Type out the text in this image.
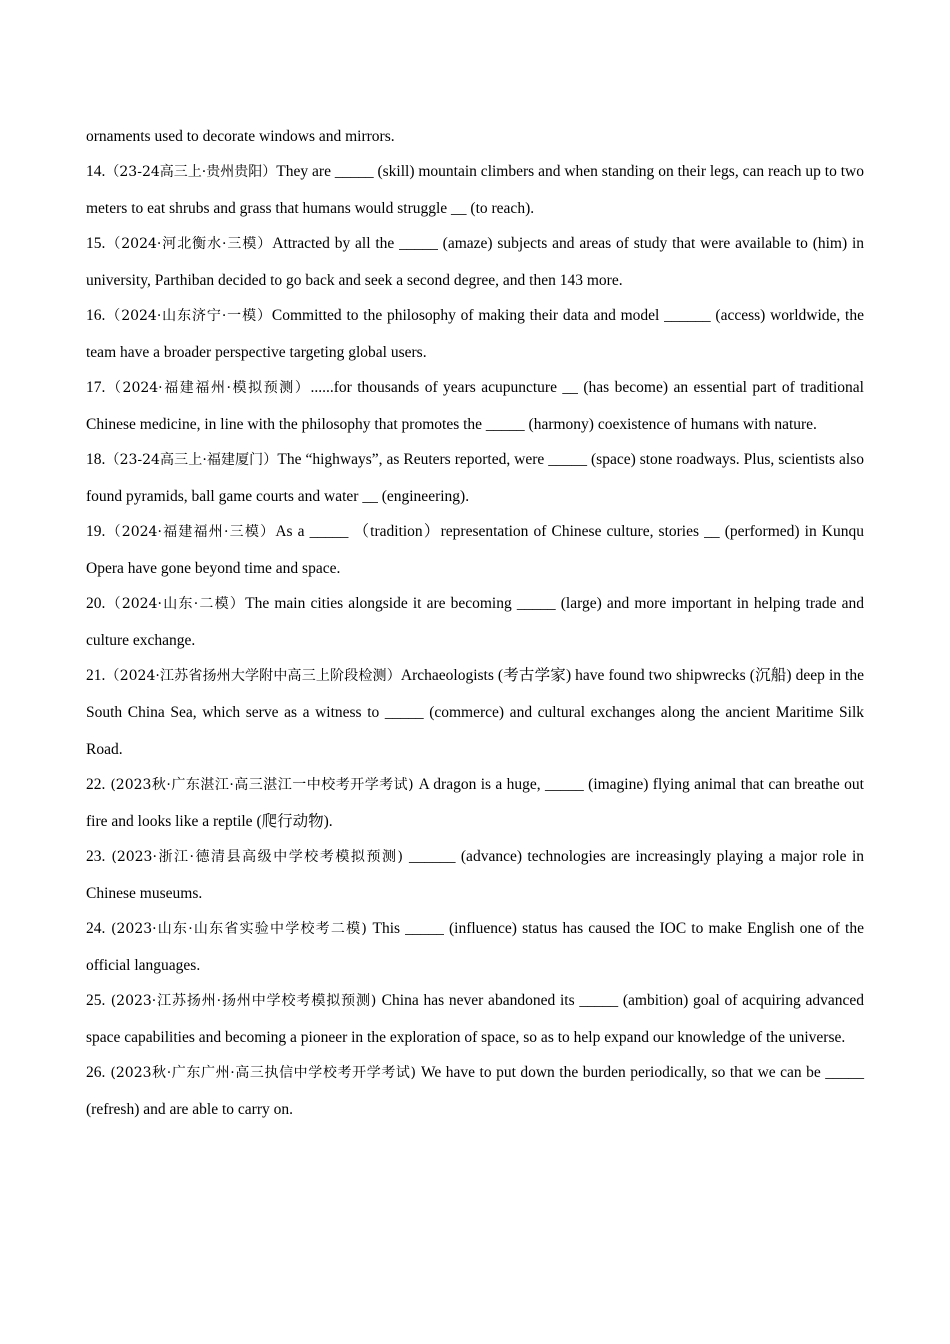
ornaments used to decorate windows and mirrors.

14.（23-24高三上·贵州贵阳）They are _____ (skill) mountain climbers and when standing on their legs, can reach up to two meters to eat shrubs and grass that humans would struggle __ (to reach).

15.（2024·河北衡水·三模）Attracted by all the _____ (amaze) subjects and areas of study that were available to (him) in university, Parthiban decided to go back and seek a second degree, and then 143 more.

16.（2024·山东济宁·一模）Committed to the philosophy of making their data and model ______ (access) worldwide, the team have a broader perspective targeting global users.

17.（2024·福建福州·模拟预测）......for thousands of years acupuncture __ (has become) an essential part of traditional Chinese medicine, in line with the philosophy that promotes the _____ (harmony) coexistence of humans with nature.

18.（23-24高三上·福建厦门）The “highways”, as Reuters reported, were _____ (space) stone roadways. Plus, scientists also found pyramids, ball game courts and water __ (engineering).

19.（2024·福建福州·三模）As a _____ （tradition）representation of Chinese culture, stories __ (performed) in Kunqu Opera have gone beyond time and space.

20.（2024·山东·二模）The main cities alongside it are becoming _____ (large) and more important in helping trade and culture exchange.

21.（2024·江苏省扬州大学附中高三上阶段检测）Archaeologists (考古学家) have found two shipwrecks (沉船) deep in the South China Sea, which serve as a witness to _____ (commerce) and cultural exchanges along the ancient Maritime Silk Road.

22. (2023秋·广东湛江·高三湛江一中校考开学考试) A dragon is a huge, _____ (imagine) flying animal that can breathe out fire and looks like a reptile (爬行动物).

23. (2023·浙江·德清县高级中学校考模拟预测) ______ (advance) technologies are increasingly playing a major role in Chinese museums.

24. (2023·山东·山东省实验中学校考二模) This _____ (influence) status has caused the IOC to make English one of the official languages.

25. (2023·江苏扬州·扬州中学校考模拟预测) China has never abandoned its _____ (ambition) goal of acquiring advanced space capabilities and becoming a pioneer in the exploration of space, so as to help expand our knowledge of the universe.

26. (2023秋·广东广州·高三执信中学校考开学考试) We have to put down the burden periodically, so that we can be _____ (refresh) and are able to carry on.
